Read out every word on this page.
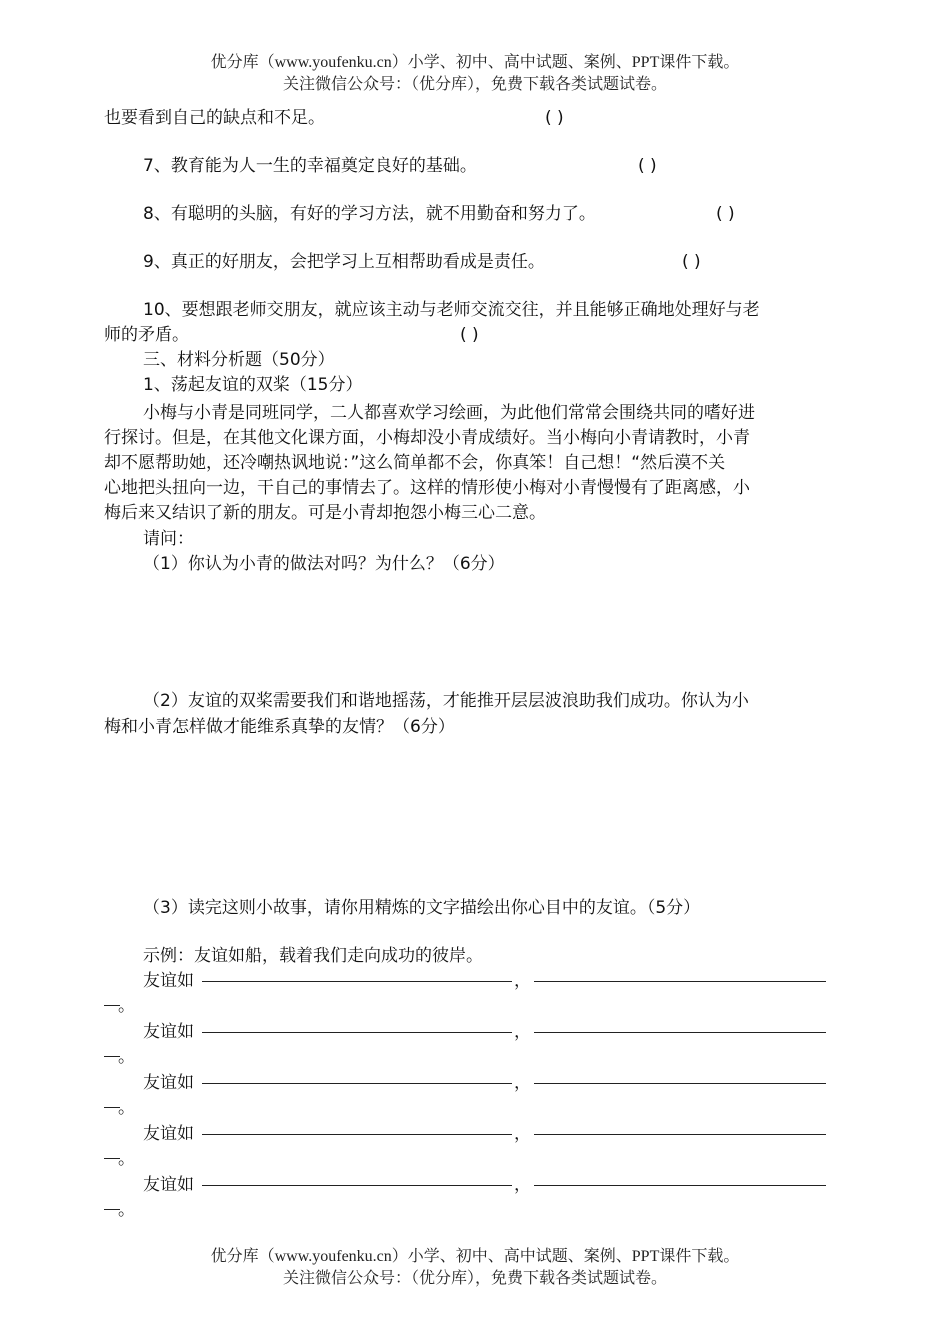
优分库（www.youfenku.cn）小学、初中、高中试题、案例、PPT课件下载。
关注微信公众号：（优分库），免费下载各类试题试卷。
也要看到自己的缺点和不足。	( )
7、教育能为人一生的幸福奠定良好的基础。	( )
8、有聪明的头脑，有好的学习方法，就不用勤奋和努力了。	( )
9、真正的好朋友，会把学习上互相帮助看成是责任。	( )
10、要想跟老师交朋友，就应该主动与老师交流交往，并且能够正确地处理好与老
师的矛盾。	( )
三、材料分析题（50分）
1、荡起友谊的双桨（15分）
小梅与小青是同班同学，二人都喜欢学习绘画，为此他们常常会围绕共同的嗜好进
行探讨。但是，在其他文化课方面，小梅却没小青成绩好。当小梅向小青请教时，小青
却不愿帮助她，还冷嘲热讽地说：”这么简单都不会，你真笨！自己想！“然后漠不关
心地把头扭向一边，干自己的事情去了。这样的情形使小梅对小青慢慢有了距离感，小
梅后来又结识了新的朋友。可是小青却抱怨小梅三心二意。
请问：
（1）你认为小青的做法对吗？为什么？（6分）
（2）友谊的双桨需要我们和谐地摇荡，才能推开层层波浪助我们成功。你认为小
梅和小青怎样做才能维系真挚的友情？（6分）
（3）读完这则小故事，请你用精炼的文字描绘出你心目中的友谊。（5分）
示例：友谊如船，载着我们走向成功的彼岸。
友谊如	，
。
友谊如	，
。
友谊如	，
。
友谊如	，
。
友谊如	，
。
优分库（www.youfenku.cn）小学、初中、高中试题、案例、PPT课件下载。
关注微信公众号：（优分库），免费下载各类试题试卷。
